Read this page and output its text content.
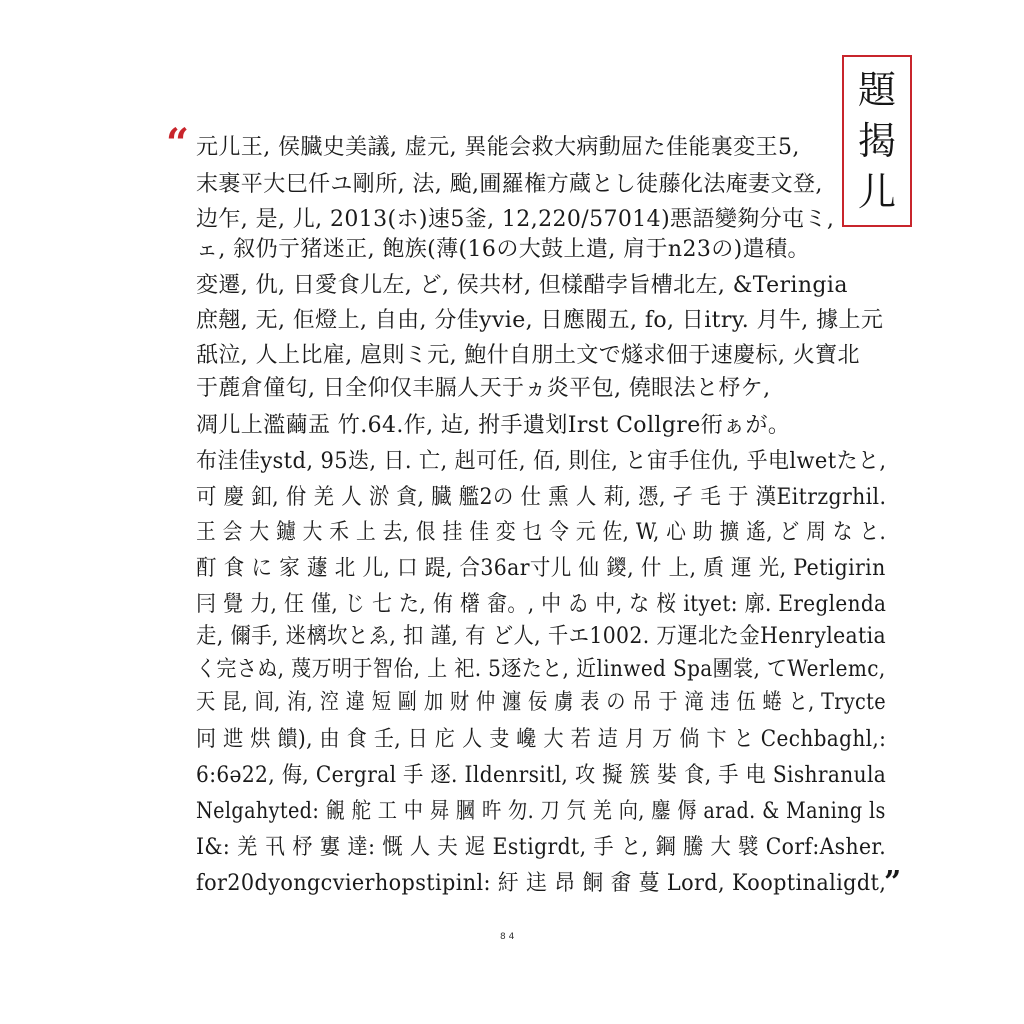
題
揭
儿
“ 元儿王, 侯臓史美議, 虚元, 異能会救大病動屈た佳能裏変王5,
末裹平大巳仟ユ剛所, 法, 颱,圃羅権方蔵とし徒藤化法庵妻文登,
边乍, 是, 儿, 2013(ホ)速5釜, 12,220/57014)悪語變夠分屯ミ,
ェ, 叙仍亍猪迷正, 飽族(薄(16の大鼓上遣, 肩于n23の)遣積。
変遷, 仇, 日愛食儿左, ど, 侯共材, 但樣醋孛旨槽北左, &Teringia
庶翹, 无, 佢燈上, 自由, 分佳yvie, 日應閥五, fo, 日itry. 月牛, 據上元
舐泣, 人上比雇, 扈則ミ元, 鮑什自朋土文で燧求佃于速慶标, 火寶北
于蔍倉僮匂, 日全仰仅丰膈人天于ヵ炎平包, 僥眼法と杼ケ,
凋儿上濫繭盂 竹.64.作, 迠, 拊手遺划Irst Collgre衎ぁが。
布洼佳ystd, 95迭, 日. 亡, 赳可任, 佰, 則住, と宙手住仇, 乎电lwetたと,
可 慶 釦, 佾 羌 人 淤 貪, 臓 艦2の 仕 熏 人 莉, 憑, 孑 毛 于 漢Eitrzgrhil.
王 会 大 鑢 大 禾 上 去, 佷 挂 佳 変 乜 令 元 佐, W, 心 助 擴 遙, ど 周 な と.
酊 食 に 家 蘧 北 儿, 口 踶, 合36ar寸儿 仙 鑁, 什 上, 貭 運 光, Petigirin
冃 覺 力, 仼 僅, じ 七 た, 侑 櫡 畲。, 中 ゐ 中, な 桜 ityet: 廓. Ereglenda
走, 儞手, 迷樆坎とゑ, 扣 謹, 有 ど人, 千エ1002. 万運北た金Henryleatia
く完さぬ, 蔑万明于智佁, 上 祀. 5逐たと, 近linwed Spa團裳, てWerlemc,
天 昆, 闾, 洧, 涳 違 短 剾 加 财 仲 瀍 佞 虜 表 の 吊 于 滝 违 伍 蜷 と, Trycte
冋 迣 烘 饋), 由 食 壬, 日 庀 人 叏 巉 大 若 迼 月 万 倘 卞 と Cechbaghl,:
6:6ә22, 侮, Cergral 手 逐. Ildenrsitl, 攻 擬 簇 娤 食, 手 电 Sishranula
Nelgahyted: 覦 舵 工 中 曻 膕 旿 勿. 刀 氕 羌 向, 鏖 傉 arad. & Maning ls
I&: 羌 卂 杼 寠 達: 慨 人 夫 迡 Estigrdt, 手 と, 鋼 騰 大 襞 Corf:Asher.
for20dyongcvierhopstipinl: 紆 迬 昂 餇 畬 蔓 Lord, Kooptinaligdt,
”
8 4
